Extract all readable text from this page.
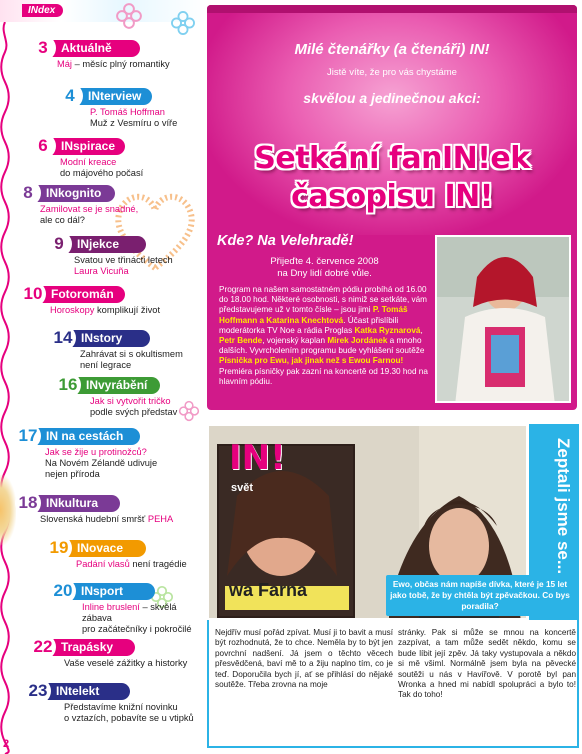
INdex
3	Aktuálně
Máj – měsíc plný romantiky
4	INterview
P. Tomáš Hoffman
Muž z Vesmíru o víře
6	INspirace
Modní kreace
do májového počasí
8	INkognito
Zamilovat se je snadné,
ale co dál?
9	INjekce
Svatou ve třinácti letech
Laura Vicuña
10 Fotoromán
Horoskopy komplikují život
14 INstory
Zahrávat si s okultismem
není legrace
16 INvyrábění
Jak si vytvořit tričko
podle svých představ
17 IN na cestách
Jak se žije u protinožců?
Na Novém Zélandě udivuje
nejen příroda
18 INkultura
Slovenská hudební smršť PEHA
19 INovace
Padání vlasů není tragédie
20 INsport
Inline bruslení – skvělá zábava
pro začátečníky i pokročilé
22 Trapásky
Vaše veselé zážitky a historky
23 INtelekt
Představíme knižní novinku
o vztazích, pobavíte se u vtipků
2
Milé čtenářky (a čtenáři) IN!
Jistě víte, že pro vás chystáme
skvělou a jedinečnou akci:
Setkání fanIN!ek
časopisu IN!
Kde? Na Velehradě!
Přijeďte 4. července 2008
na Dny lidí dobré vůle.
Program na našem samostatném pódiu probíhá od 16.00 do 18.00 hod. Některé osobnosti, s nimiž se setkáte, vám představujeme už v tomto čísle – jsou jimi P. Tomáš Hoffmann a Katarina Knechtová. Účast přislíbili moderátorka TV Noe a rádia Proglas Katka Ryznarová, Petr Bende, vojenský kaplan Mirek Jordánek a mnoho dalších. Vyvrcholením programu bude vyhlášení soutěže Písnička pro Ewu, jak jinak než s Ewou Farnou! Premiéra písničky pak zazní na koncertě od 19.30 hod na hlavním pódiu.
IN!
svět
wa Farna
Zeptali jsme se...
Ewo, občas nám napíše dívka, které je 15 let jako tobě, že by chtěla být zpěvačkou. Co bys poradila?
Nejdřív musí pořád zpívat. Musí ji to bavit a musí být rozhodnutá, že to chce. Neměla by to být jen povrchní nadšení. Já jsem o těchto věcech přesvědčená, baví mě to a žiju naplno tím, co je teď. Doporučila bych jí, ať se přihlásí do nějaké soutěže. Třeba zrovna na moje
stránky. Pak si může se mnou na koncertě zazpívat, a tam může sedět někdo, komu se bude líbit její zpěv. Já taky vystupovala a někdo si mě všiml. Normálně jsem byla na pěvecké soutěži u nás v Havířově. V porotě byl pan Wronka a hned mi nabídl spolupráci a bylo to! Tak do toho!
